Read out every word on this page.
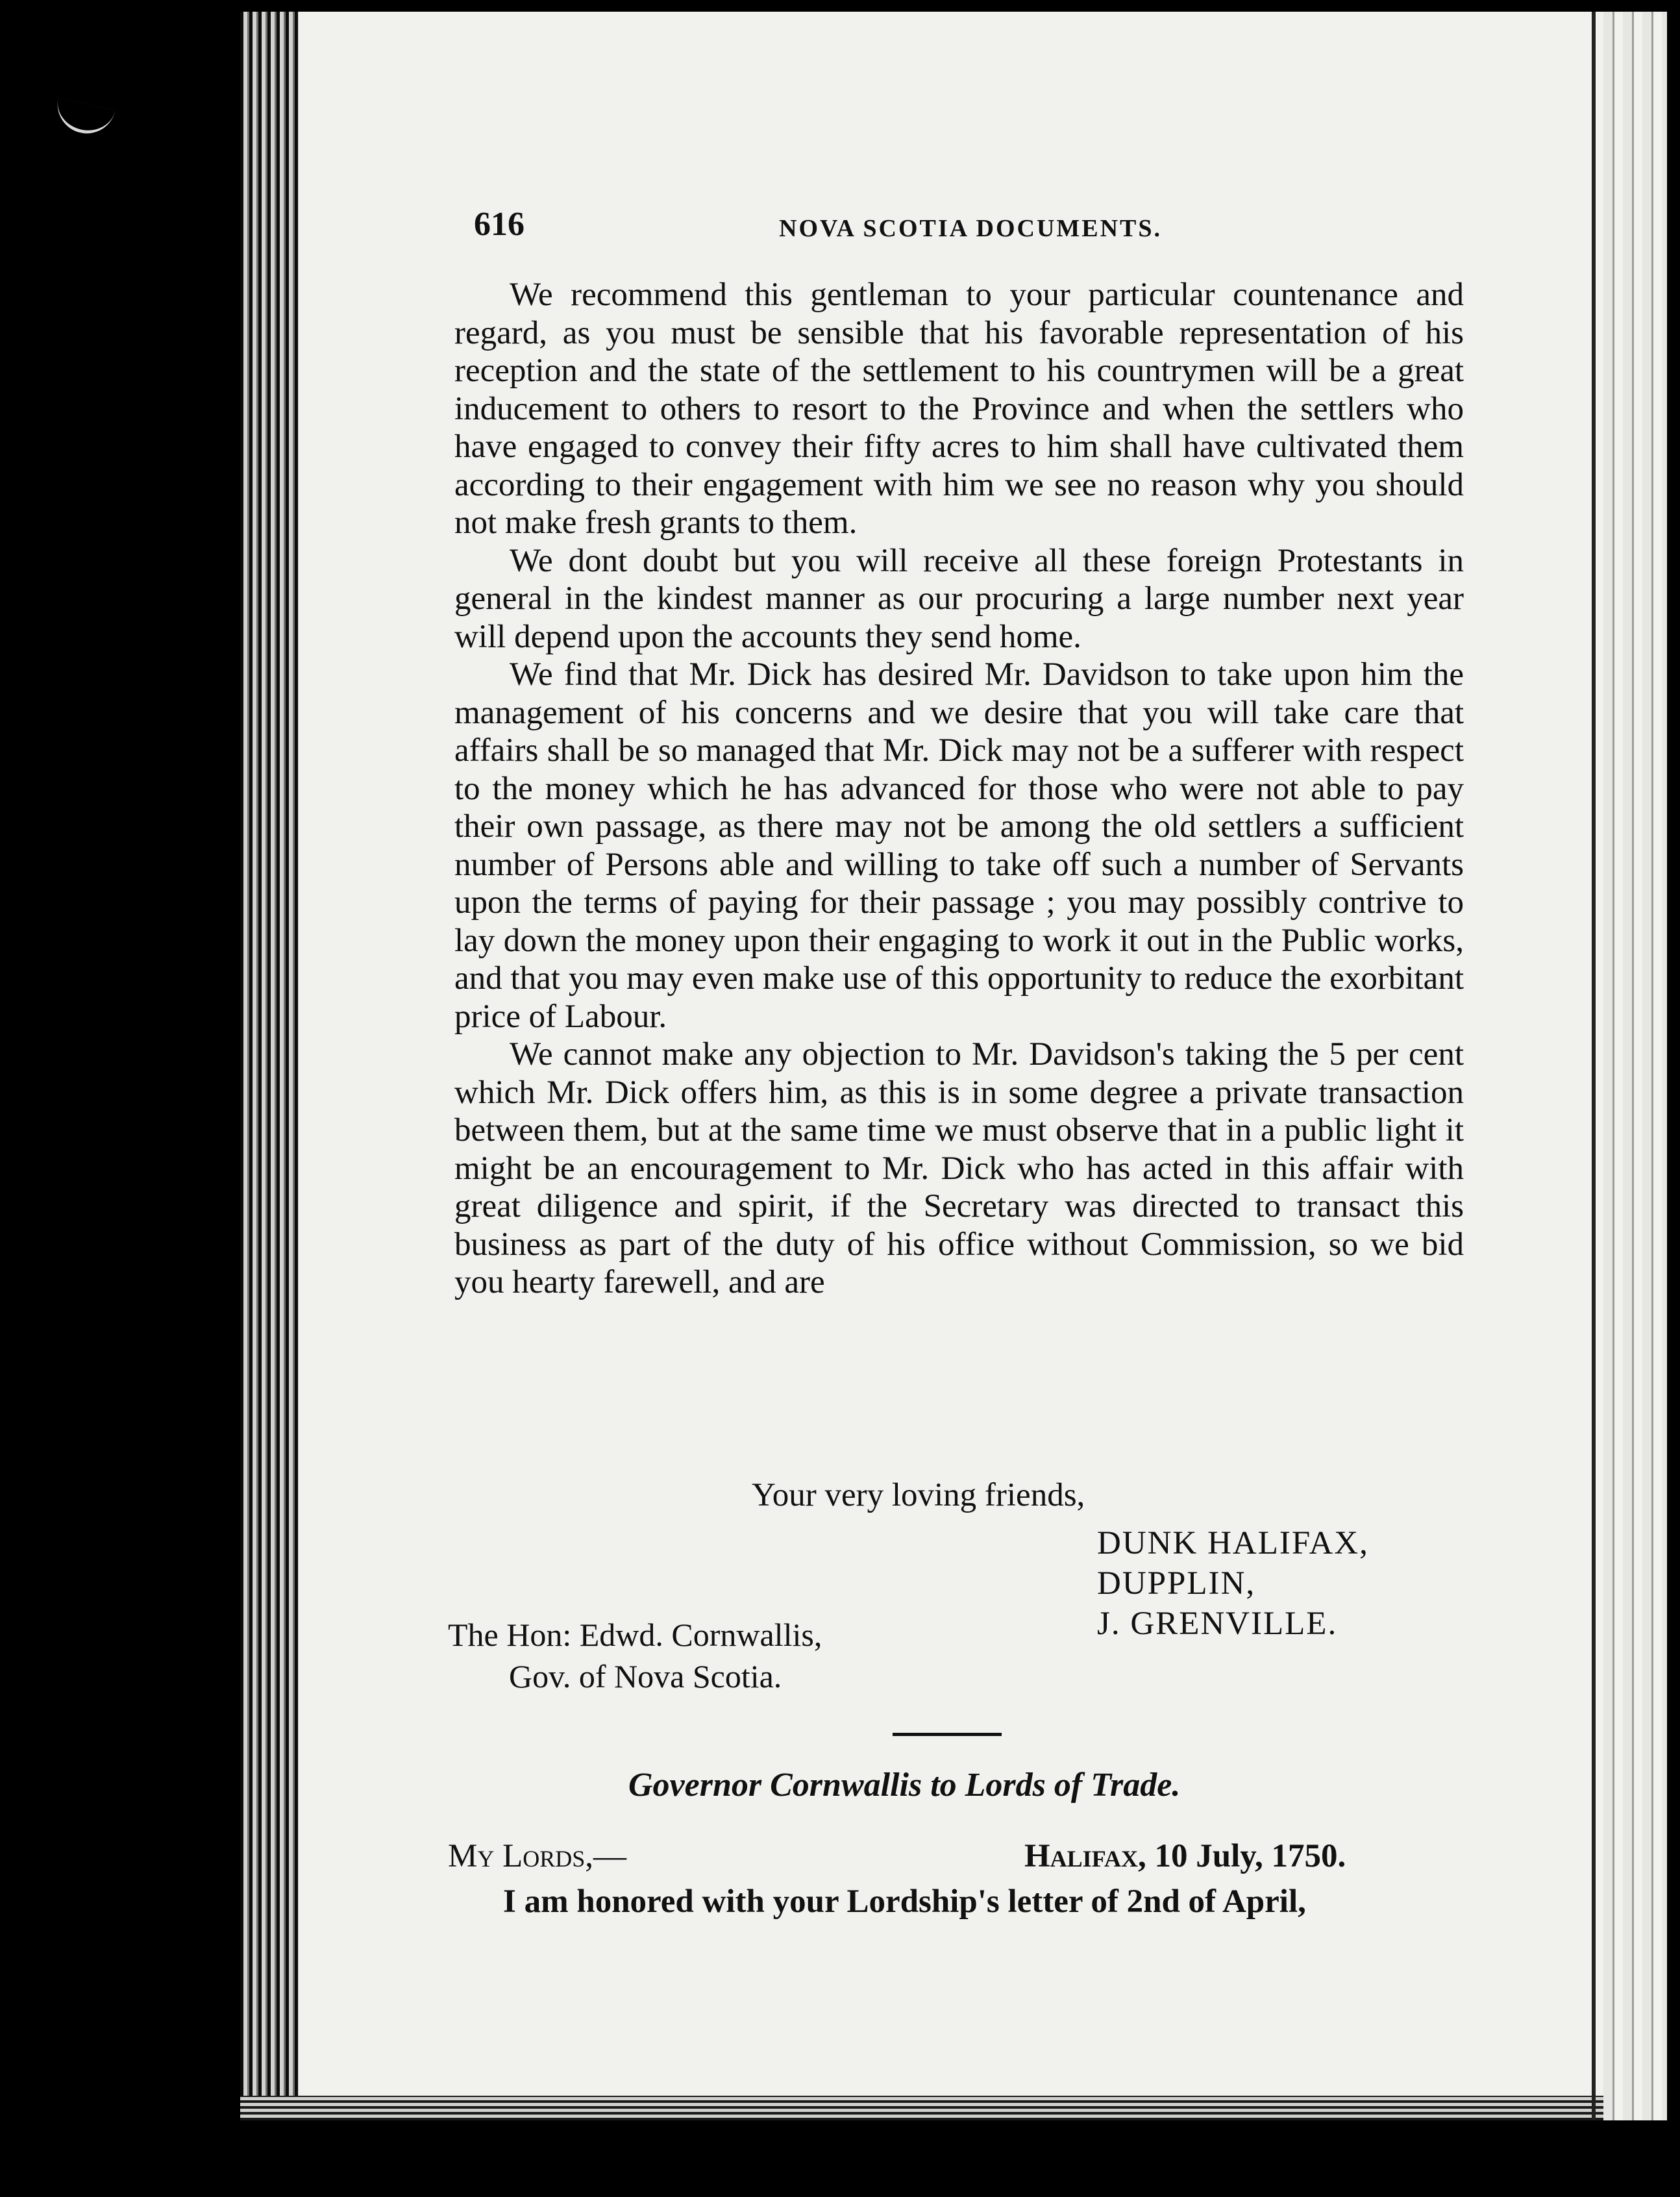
616	NOVA SCOTIA DOCUMENTS.

We recommend this gentleman to your particular countenance and regard, as you must be sensible that his favorable representation of his reception and the state of the settlement to his countrymen will be a great inducement to others to resort to the Province and when the settlers who have engaged to convey their fifty acres to him shall have cultivated them according to their engagement with him we see no reason why you should not make fresh grants to them.

We dont doubt but you will receive all these foreign Protestants in general in the kindest manner as our procuring a large number next year will depend upon the accounts they send home.

We find that Mr. Dick has desired Mr. Davidson to take upon him the management of his concerns and we desire that you will take care that affairs shall be so managed that Mr. Dick may not be a sufferer with respect to the money which he has advanced for those who were not able to pay their own passage, as there may not be among the old settlers a sufficient number of Persons able and willing to take off such a number of Servants upon the terms of paying for their passage ; you may possibly contrive to lay down the money upon their engaging to work it out in the Public works, and that you may even make use of this opportunity to reduce the exorbitant price of Labour.

We cannot make any objection to Mr. Davidson's taking the 5 per cent which Mr. Dick offers him, as this is in some degree a private transaction between them, but at the same time we must observe that in a public light it might be an encouragement to Mr. Dick who has acted in this affair with great diligence and spirit, if the Secretary was directed to transact this business as part of the duty of his office without Commission, so we bid you hearty farewell, and are

Your very loving friends,
DUNK HALIFAX,
DUPPLIN,
J. GRENVILLE.
The Hon: Edwd. Cornwallis,
Gov. of Nova Scotia.
Governor Cornwallis to Lords of Trade.
My Lords,—	Halifax, 10 July, 1750.
I am honored with your Lordship's letter of 2nd of April,
